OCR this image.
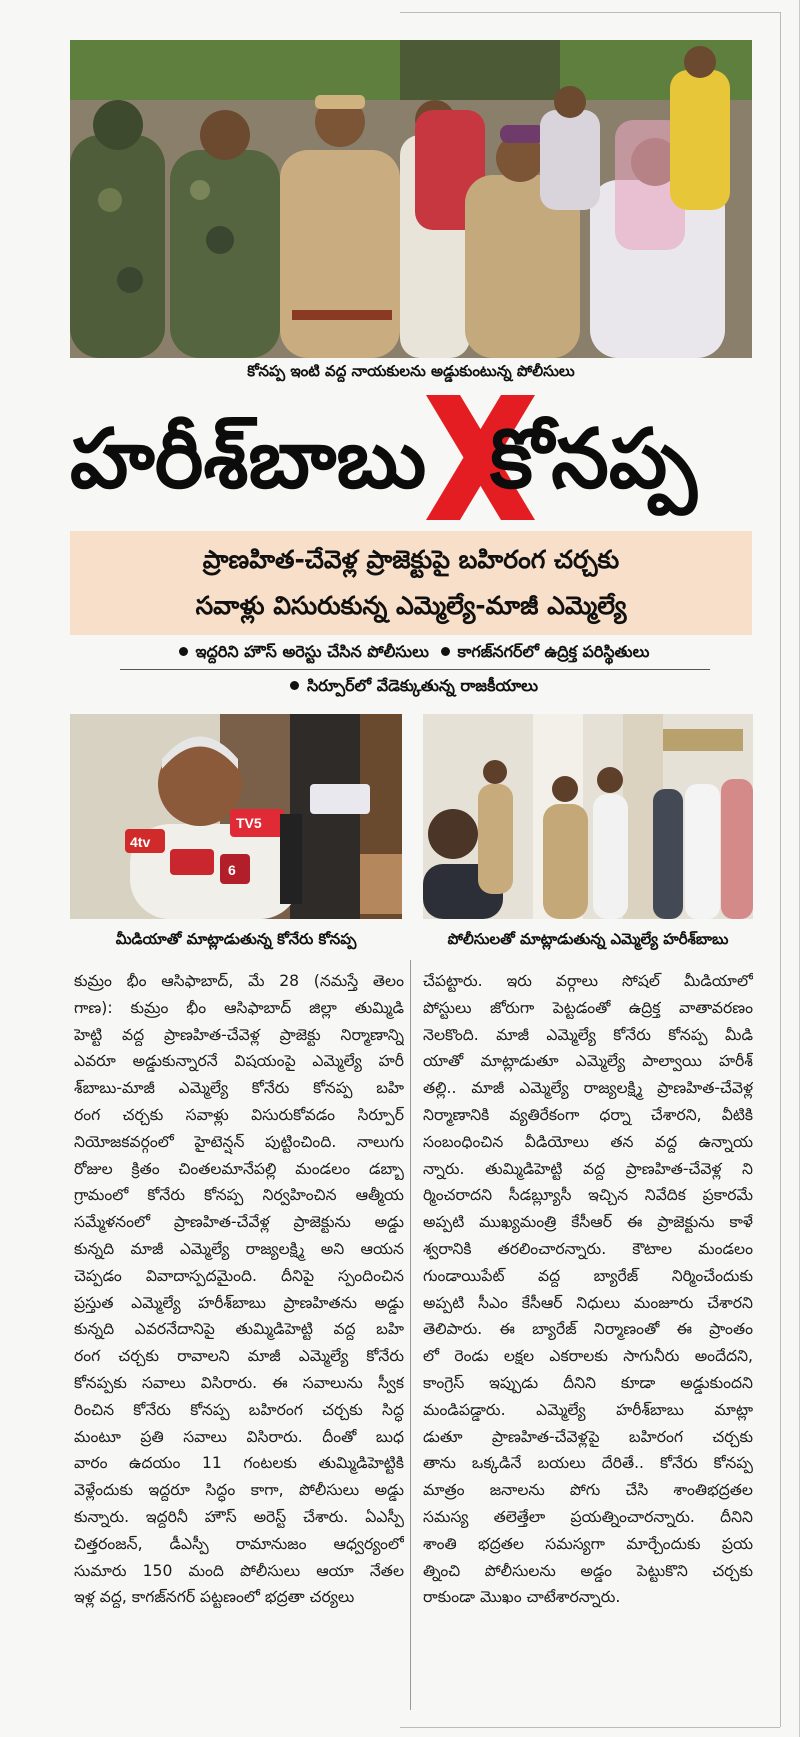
కోనప్ప ఇంటి వద్ద నాయకులను అడ్డుకుంటున్న పోలీసులు
హరీశ్‌బాబు కోనప్ప
ప్రాణహిత-చేవెళ్ల ప్రాజెక్టుపై బహిరంగ చర్చకు
సవాళ్లు విసురుకున్న ఎమ్మెల్యే-మాజీ ఎమ్మెల్యే
ఇద్దరిని హౌస్‌ అరెస్టు చేసిన పోలీసులు కాగజ్‌నగర్‌లో ఉద్రిక్త పరిస్థితులు
సిర్పూర్‌లో వేడెక్కుతున్న రాజకీయాలు
4tv
TV5
6
మీడియాతో మాట్లాడుతున్న కోనేరు కోనప్ప	పోలీసులతో మాట్లాడుతున్న ఎమ్మెల్యే హరీశ్‌బాబు
కుమ్రం భీం ఆసిఫాబాద్‌, మే 28 (నమస్తే తెలం
గాణ): కుమ్రం భీం ఆసిఫాబాద్‌ జిల్లా తుమ్మిడి
హెట్టి వద్ద ప్రాణహిత-చేవెళ్ల ప్రాజెక్టు నిర్మాణాన్ని
ఎవరూ అడ్డుకున్నారనే విషయంపై ఎమ్మెల్యే హరీ
శ్‌బాబు-మాజీ ఎమ్మెల్యే కోనేరు కోనప్ప బహి
రంగ చర్చకు సవాళ్లు విసురుకోవడం సిర్పూర్‌
నియోజకవర్గంలో హైటెన్షన్‌ పుట్టించింది. నాలుగు
రోజుల క్రితం చింతలమానేపల్లి మండలం డబ్బా
గ్రామంలో కోనేరు కోనప్ప నిర్వహించిన ఆత్మీయ
సమ్మేళనంలో ప్రాణహిత-చేవేళ్ల ప్రాజెక్టును అడ్డు
కున్నది మాజీ ఎమ్మెల్యే రాజ్యలక్ష్మి అని ఆయన
చెప్పడం వివాదాస్పదమైంది. దీనిపై స్పందించిన
ప్రస్తుత ఎమ్మెల్యే హరీశ్‌బాబు ప్రాణహితను అడ్డు
కున్నది ఎవరనేదానిపై తుమ్మిడిహెట్టి వద్ద బహి
రంగ చర్చకు రావాలని మాజీ ఎమ్మెల్యే కోనేరు
కోనప్పకు సవాలు విసిరారు. ఈ సవాలును స్వీక
రించిన కోనేరు కోనప్ప బహిరంగ చర్చకు సిద్ధ
మంటూ ప్రతి సవాలు విసిరారు. దీంతో బుధ
వారం ఉదయం 11 గంటలకు తుమ్మిడిహెట్టికి
వెళ్లేందుకు ఇద్దరూ సిద్ధం కాగా, పోలీసులు అడ్డు
కున్నారు. ఇద్దరినీ హౌస్‌ అరెస్ట్‌ చేశారు. ఏఎస్పీ
చిత్తరంజన్‌, డీఎస్పీ రామానుజం ఆధ్వర్యంలో
సుమారు 150 మంది పోలీసులు ఆయా నేతల
ఇళ్ల వద్ద, కాగజ్‌నగర్‌ పట్టణంలో భద్రతా చర్యలు
చేపట్టారు. ఇరు వర్గాలు సోషల్‌ మీడియాలో
పోస్టులు జోరుగా పెట్టడంతో ఉద్రిక్త వాతావరణం
నెలకొంది. మాజీ ఎమ్మెల్యే కోనేరు కోనప్ప మీడి
యాతో మాట్లాడుతూ ఎమ్మెల్యే పాల్వాయి హరీశ్‌
తల్లి.. మాజీ ఎమ్మెల్యే రాజ్యలక్ష్మి ప్రాణహిత-చేవెళ్ల
నిర్మాణానికి వ్యతిరేకంగా ధర్నా చేశారని, వీటికి
సంబంధించిన వీడియోలు తన వద్ద ఉన్నాయ
న్నారు. తుమ్మిడిహెట్టి వద్ద ప్రాణహిత-చేవెళ్ల ని
ర్మించరాదని సీడబ్ల్యూసీ ఇచ్చిన నివేదిక ప్రకారమే
అప్పటి ముఖ్యమంత్రి కేసీఆర్‌ ఈ ప్రాజెక్టును కాళే
శ్వరానికి తరలించారన్నారు. కౌటాల మండలం
గుండాయిపేట్‌ వద్ద బ్యారేజ్‌ నిర్మించేందుకు
అప్పటి సీఎం కేసీఆర్‌ నిధులు మంజూరు చేశారని
తెలిపారు. ఈ బ్యారేజ్‌ నిర్మాణంతో ఈ ప్రాంతం
లో రెండు లక్షల ఎకరాలకు సాగునీరు అందేదని,
కాంగ్రెస్‌ ఇప్పుడు దీనిని కూడా అడ్డుకుందని
మండిపడ్డారు. ఎమ్మెల్యే హరీశ్‌బాబు మాట్లా
డుతూ ప్రాణహిత-చేవెళ్లపై బహిరంగ చర్చకు
తాను ఒక్కడినే బయలు దేరితే.. కోనేరు కోనప్ప
మాత్రం జనాలను పోగు చేసి శాంతిభద్రతల
సమస్య తలెత్తేలా ప్రయత్నించారన్నారు. దీనిని
శాంతి భద్రతల సమస్యగా మార్చేందుకు ప్రయ
త్నించి పోలీసులను అడ్డం పెట్టుకొని చర్చకు
రాకుండా మొఖం చాటేశారన్నారు.
